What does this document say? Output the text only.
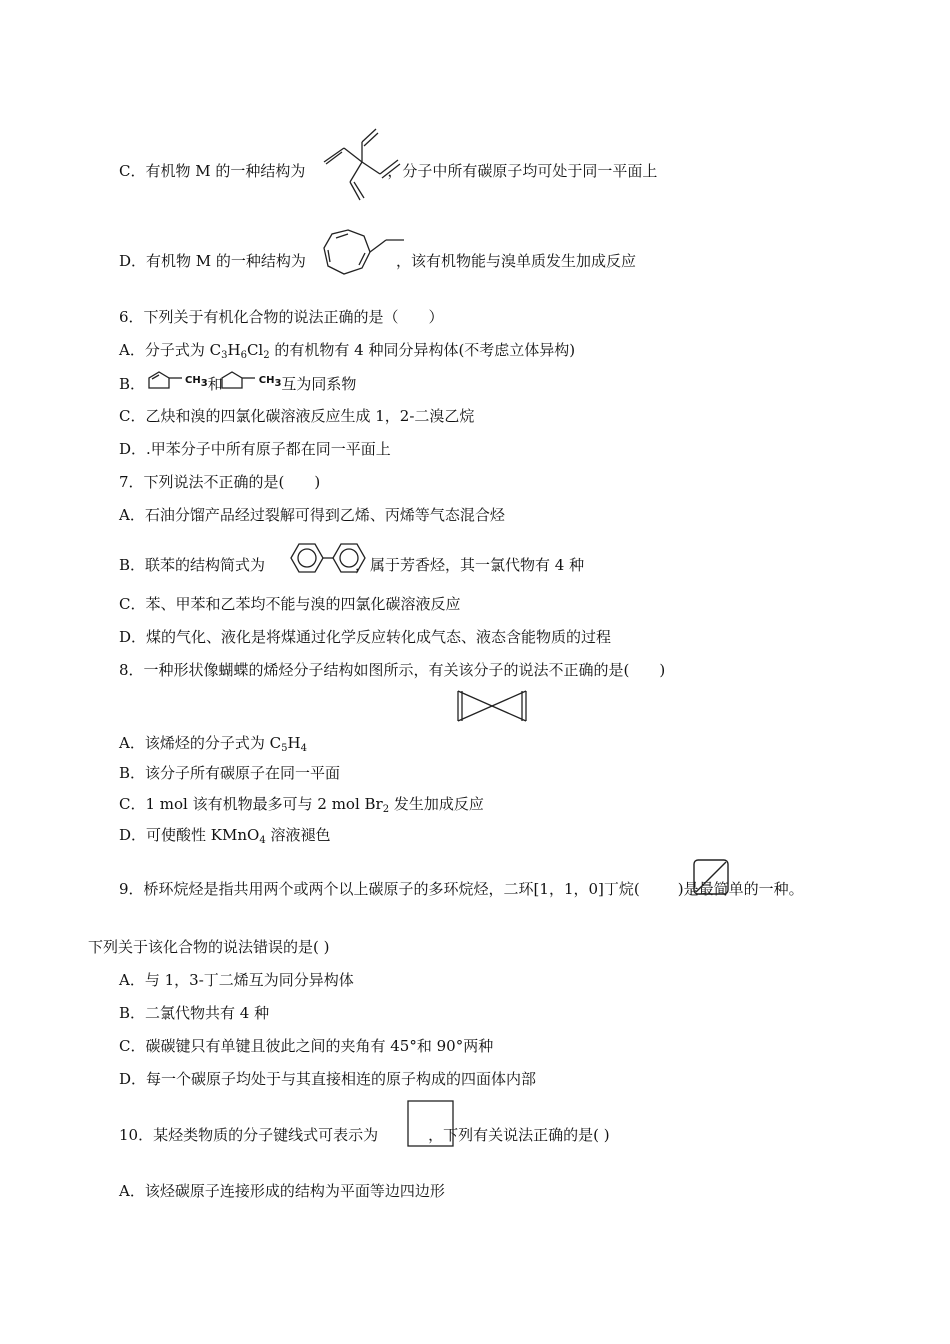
C．有机物 M 的一种结构为	，分子中所有碳原子均可处于同一平面上
D．有机物 M 的一种结构为	，该有机物能与溴单质发生加成反应
6．下列关于有机化合物的说法正确的是（　　）
A．分子式为 $C_3H_6Cl_2$ 的有机物有 4 种同分异构体(不考虑立体异构)
B．	$^{CH_3}$和	$^{CH_3}$互为同系物
C．乙炔和溴的四氯化碳溶液反应生成 1，2-二溴乙烷
D．.甲苯分子中所有原子都在同一平面上
7．下列说法不正确的是(　　)
A．石油分馏产品经过裂解可得到乙烯、丙烯等气态混合烃
B．联苯的结构简式为	，属于芳香烃，其一氯代物有 4 种
C．苯、甲苯和乙苯均不能与溴的四氯化碳溶液反应
D．煤的气化、液化是将煤通过化学反应转化成气态、液态含能物质的过程
8．一种形状像蝴蝶的烯烃分子结构如图所示，有关该分子的说法不正确的是(　　)
A．该烯烃的分子式为 $C_5H_4$
B．该分子所有碳原子在同一平面
C．1 mol 该有机物最多可与 2 mol $Br_2$ 发生加成反应
D．可使酸性 KMnO$_4$ 溶液褪色
9．桥环烷烃是指共用两个或两个以上碳原子的多环烷烃，二环[1，1，0]丁烷(	)是最简单的一种。
下列关于该化合物的说法错误的是( )
A．与 1，3-丁二烯互为同分异构体
B．二氯代物共有 4 种
C．碳碳键只有单键且彼此之间的夹角有 45°和 90°两种
D．每一个碳原子均处于与其直接相连的原子构成的四面体内部
10．某烃类物质的分子键线式可表示为	，下列有关说法正确的是( )
A．该烃碳原子连接形成的结构为平面等边四边形
